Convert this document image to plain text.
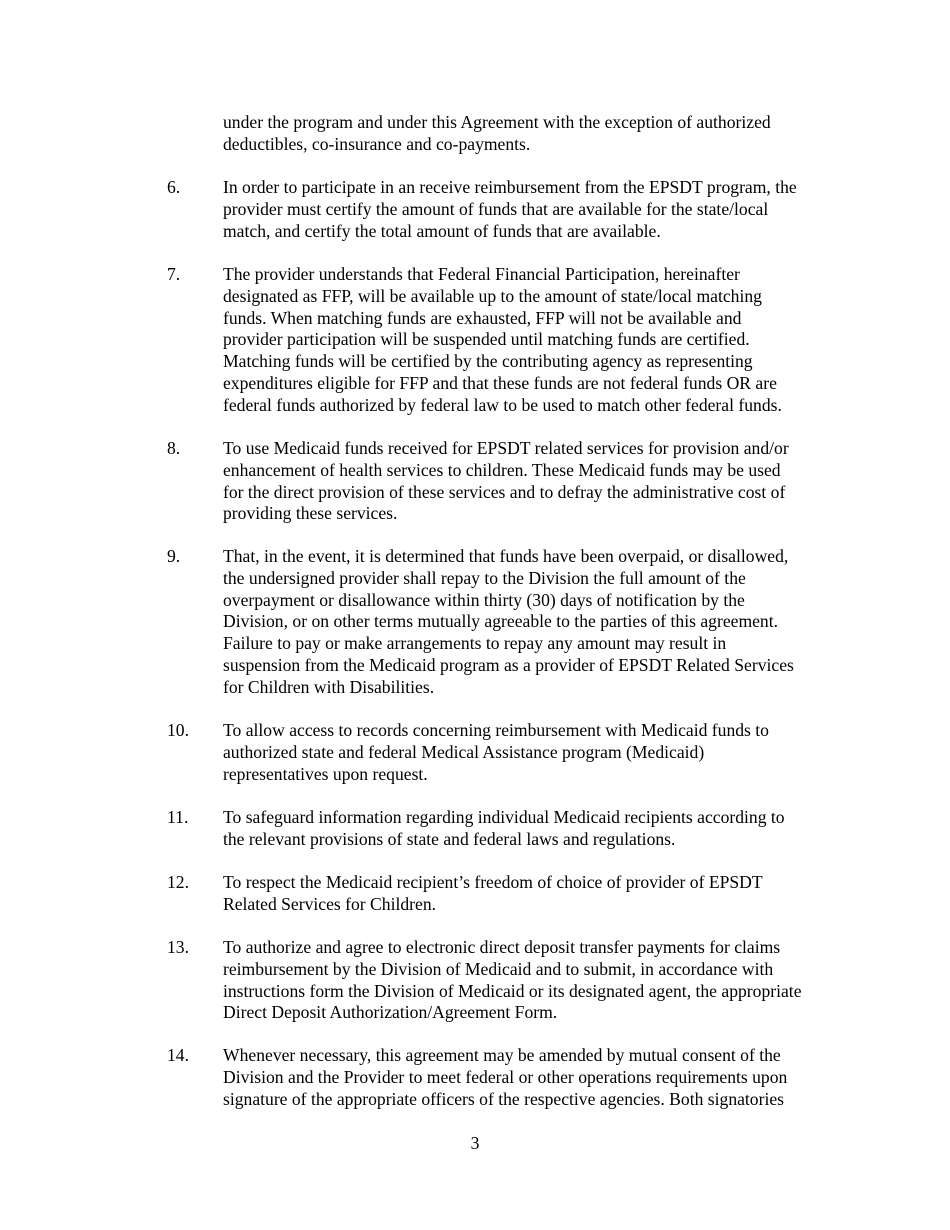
under the program and under this Agreement with the exception of authorized
deductibles, co-insurance and co-payments.

6.	In order to participate in an receive reimbursement from the EPSDT program, the
provider must certify the amount of funds that are available for the state/local
match, and certify the total amount of funds that are available.

7.	The provider understands that Federal Financial Participation, hereinafter
designated as FFP, will be available up to the amount of state/local matching
funds. When matching funds are exhausted, FFP will not be available and
provider participation will be suspended until matching funds are certified.
Matching funds will be certified by the contributing agency as representing
expenditures eligible for FFP and that these funds are not federal funds OR are
federal funds authorized by federal law to be used to match other federal funds.

8.	To use Medicaid funds received for EPSDT related services for provision and/or
enhancement of health services to children. These Medicaid funds may be used
for the direct provision of these services and to defray the administrative cost of
providing these services.

9.	That, in the event, it is determined that funds have been overpaid, or disallowed,
the undersigned provider shall repay to the Division the full amount of the
overpayment or disallowance within thirty (30) days of notification by the
Division, or on other terms mutually agreeable to the parties of this agreement.
Failure to pay or make arrangements to repay any amount may result in
suspension from the Medicaid program as a provider of EPSDT Related Services
for Children with Disabilities.

10.	To allow access to records concerning reimbursement with Medicaid funds to
authorized state and federal Medical Assistance program (Medicaid)
representatives upon request.

11.	To safeguard information regarding individual Medicaid recipients according to
the relevant provisions of state and federal laws and regulations.

12.	To respect the Medicaid recipient’s freedom of choice of provider of EPSDT
Related Services for Children.

13.	To authorize and agree to electronic direct deposit transfer payments for claims
reimbursement by the Division of Medicaid and to submit, in accordance with
instructions form the Division of Medicaid or its designated agent, the appropriate
Direct Deposit Authorization/Agreement Form.

14.	Whenever necessary, this agreement may be amended by mutual consent of the
Division and the Provider to meet federal or other operations requirements upon
signature of the appropriate officers of the respective agencies. Both signatories

3
